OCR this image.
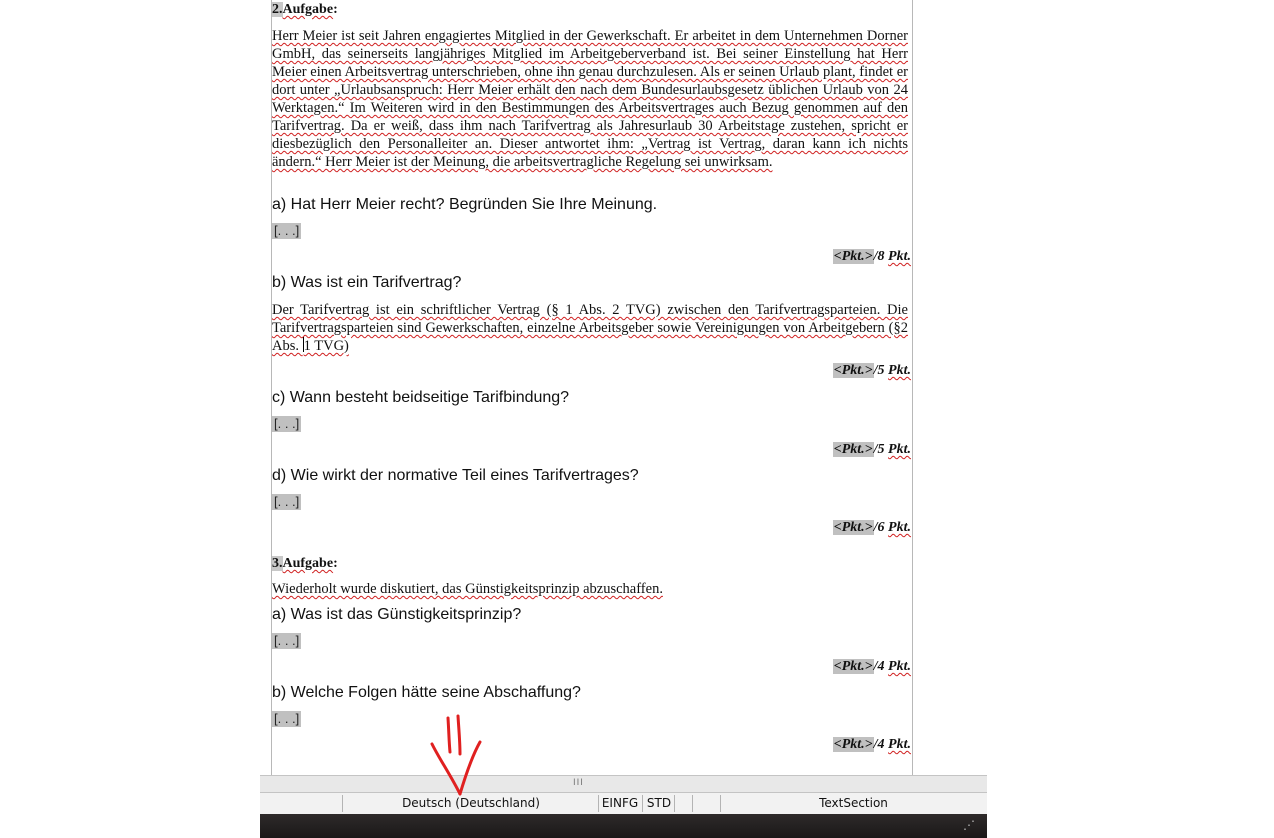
2.Aufgabe:
Herr Meier ist seit Jahren engagiertes Mitglied in der Gewerkschaft. Er arbeitet in dem Unternehmen Dorner GmbH, das seinerseits langjähriges Mitglied im Arbeitgeberverband ist. Bei seiner Einstellung hat Herr Meier einen Arbeitsvertrag unterschrieben, ohne ihn genau durchzulesen. Als er seinen Urlaub plant, findet er dort unter „Urlaubsanspruch: Herr Meier erhält den nach dem Bundesurlaubsgesetz üblichen Urlaub von 24 Werktagen.“ Im Weiteren wird in den Bestimmungen des Arbeitsvertrages auch Bezug genommen auf den Tarifvertrag. Da er weiß, dass ihm nach Tarifvertrag als Jahresurlaub 30 Arbeitstage zustehen, spricht er diesbezüglich den Personalleiter an. Dieser antwortet ihm: „Vertrag ist Vertrag, daran kann ich nichts ändern.“ Herr Meier ist der Meinung, die arbeitsvertragliche Regelung sei unwirksam.
a) Hat Herr Meier recht? Begründen Sie Ihre Meinung.
[. . .]
<Pkt.>/8 Pkt.
b) Was ist ein Tarifvertrag?
Der Tarifvertrag ist ein schriftlicher Vertrag (§ 1 Abs. 2 TVG) zwischen den Tarifvertragsparteien. Die Tarifvertragsparteien sind Gewerkschaften, einzelne Arbeitsgeber sowie Vereinigungen von Arbeitgebern (§2 Abs. 1 TVG)
<Pkt.>/5 Pkt.
c) Wann besteht beidseitige Tarifbindung?
[. . .]
<Pkt.>/5 Pkt.
d) Wie wirkt der normative Teil eines Tarifvertrages?
[. . .]
<Pkt.>/6 Pkt.
3.Aufgabe:
Wiederholt wurde diskutiert, das Günstigkeitsprinzip abzuschaffen.
a) Was ist das Günstigkeitsprinzip?
[. . .]
<Pkt.>/4 Pkt.
b) Welche Folgen hätte seine Abschaffung?
[. . .]
<Pkt.>/4 Pkt.
III
Deutsch (Deutschland)	EINFG STD	TextSection
⋰
